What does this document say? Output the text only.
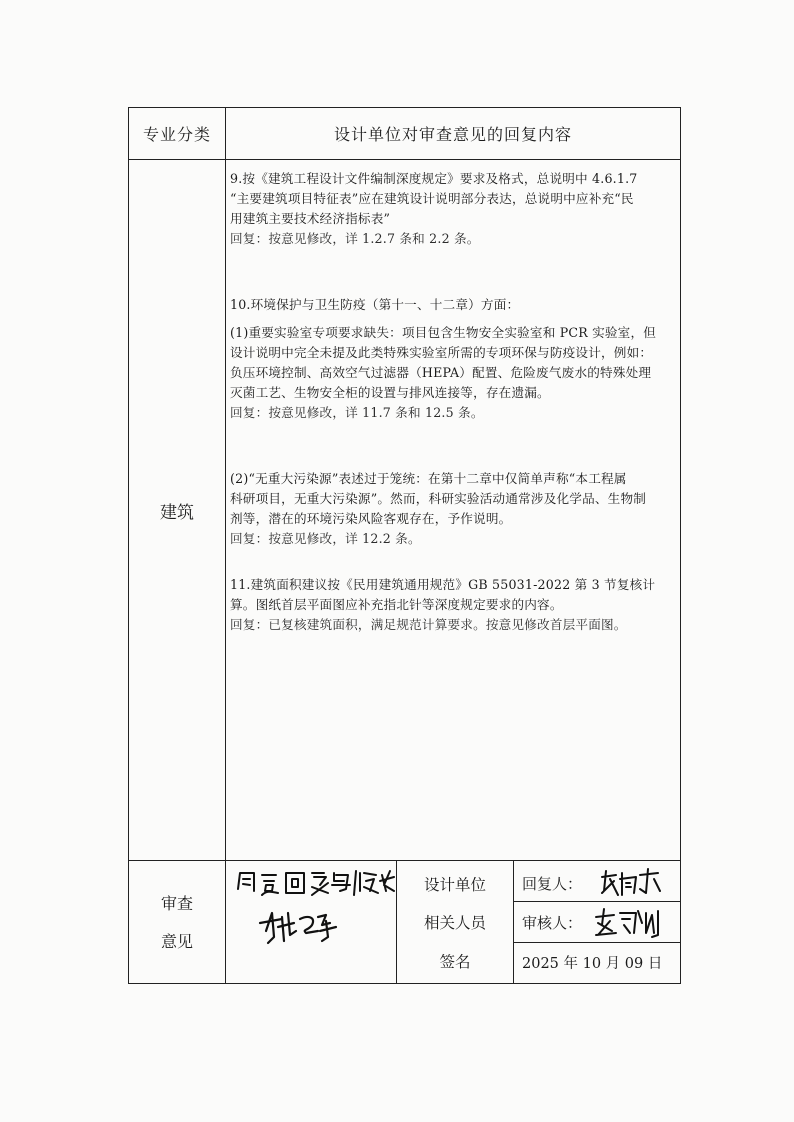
专业分类	设计单位对审查意见的回复内容
建筑

9.按《建筑工程设计文件编制深度规定》要求及格式，总说明中 4.6.1.7

“主要建筑项目特征表”应在建筑设计说明部分表达，总说明中应补充“民

用建筑主要技术经济指标表”

回复：按意见修改，详 1.2.7 条和 2.2 条。

10.环境保护与卫生防疫（第十一、十二章）方面：

(1)重要实验室专项要求缺失：项目包含生物安全实验室和 PCR 实验室，但

设计说明中完全未提及此类特殊实验室所需的专项环保与防疫设计，例如：

负压环境控制、高效空气过滤器（HEPA）配置、危险废气废水的特殊处理

灭菌工艺、生物安全柜的设置与排风连接等，存在遗漏。

回复：按意见修改，详 11.7 条和 12.5 条。

(2)“无重大污染源”表述过于笼统：在第十二章中仅简单声称“本工程属

科研项目，无重大污染源”。然而，科研实验活动通常涉及化学品、生物制

剂等，潜在的环境污染风险客观存在，予作说明。

回复：按意见修改，详 12.2 条。

11.建筑面积建议按《民用建筑通用规范》GB 55031-2022 第 3 节复核计

算。图纸首层平面图应补充指北针等深度规定要求的内容。

回复：已复核建筑面积，满足规范计算要求。按意见修改首层平面图。

审查
意见
设计单位
相关人员
签名
回复人：
审核人：
2025 年 10 月 09 日
